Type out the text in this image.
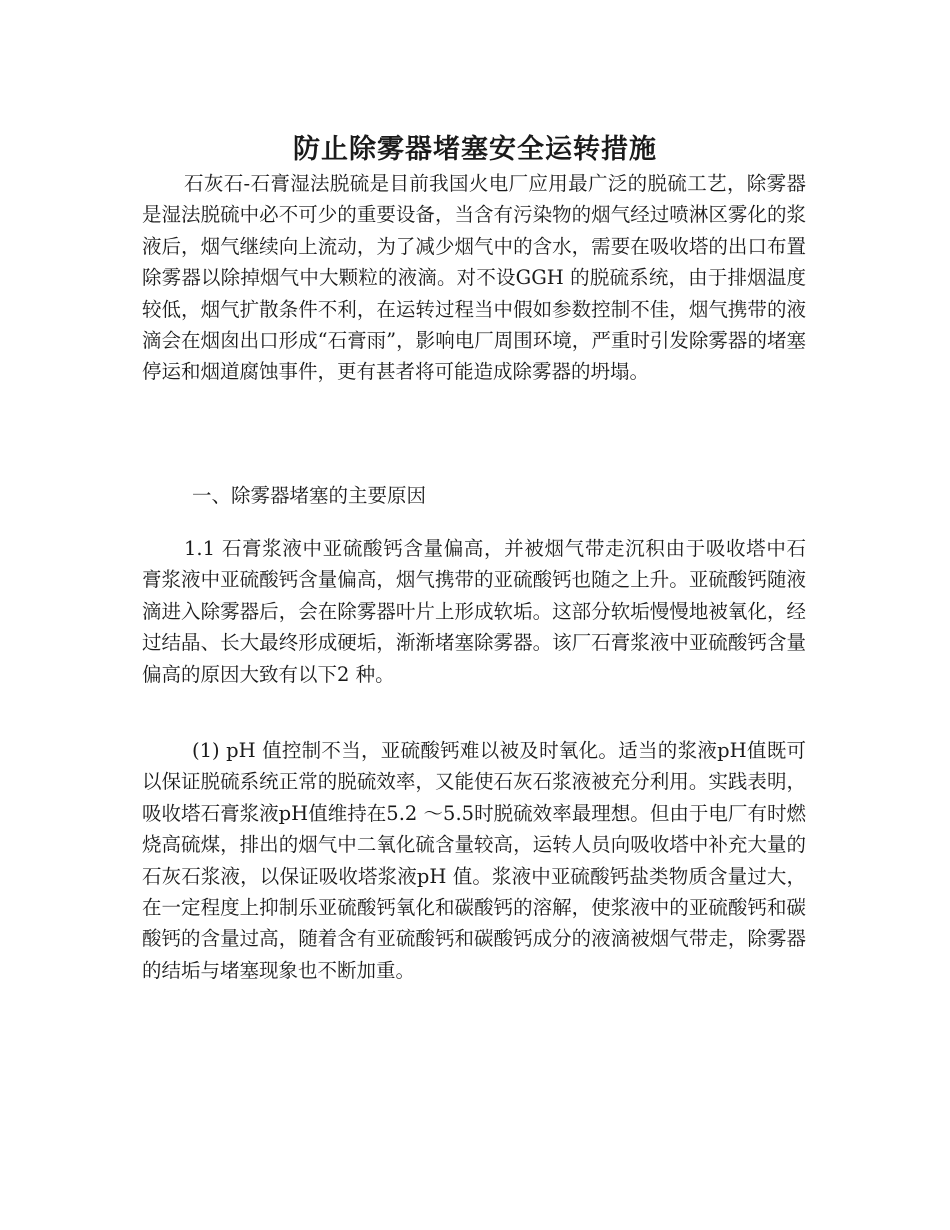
防止除雾器堵塞安全运转措施

石灰石-石膏湿法脱硫是目前我国火电厂应用最广泛的脱硫工艺，除雾器是湿法脱硫中必不可少的重要设备，当含有污染物的烟气经过喷淋区雾化的浆液后，烟气继续向上流动，为了减少烟气中的含水，需要在吸收塔的出口布置除雾器以除掉烟气中大颗粒的液滴。对不设GGH 的脱硫系统，由于排烟温度较低，烟气扩散条件不利，在运转过程当中假如参数控制不佳，烟气携带的液滴会在烟囱出口形成“石膏雨”，影响电厂周围环境，严重时引发除雾器的堵塞停运和烟道腐蚀事件，更有甚者将可能造成除雾器的坍塌。

一、除雾器堵塞的主要原因

1.1 石膏浆液中亚硫酸钙含量偏高，并被烟气带走沉积由于吸收塔中石膏浆液中亚硫酸钙含量偏高，烟气携带的亚硫酸钙也随之上升。亚硫酸钙随液滴进入除雾器后，会在除雾器叶片上形成软垢。这部分软垢慢慢地被氧化，经过结晶、长大最终形成硬垢，渐渐堵塞除雾器。该厂石膏浆液中亚硫酸钙含量偏高的原因大致有以下2 种。

(1) pH 值控制不当，亚硫酸钙难以被及时氧化。适当的浆液pH值既可以保证脱硫系统正常的脱硫效率，又能使石灰石浆液被充分利用。实践表明，吸收塔石膏浆液pH值维持在5.2 ～5.5时脱硫效率最理想。但由于电厂有时燃烧高硫煤，排出的烟气中二氧化硫含量较高，运转人员向吸收塔中补充大量的石灰石浆液，以保证吸收塔浆液pH 值。浆液中亚硫酸钙盐类物质含量过大，在一定程度上抑制乐亚硫酸钙氧化和碳酸钙的溶解，使浆液中的亚硫酸钙和碳酸钙的含量过高，随着含有亚硫酸钙和碳酸钙成分的液滴被烟气带走，除雾器的结垢与堵塞现象也不断加重。
